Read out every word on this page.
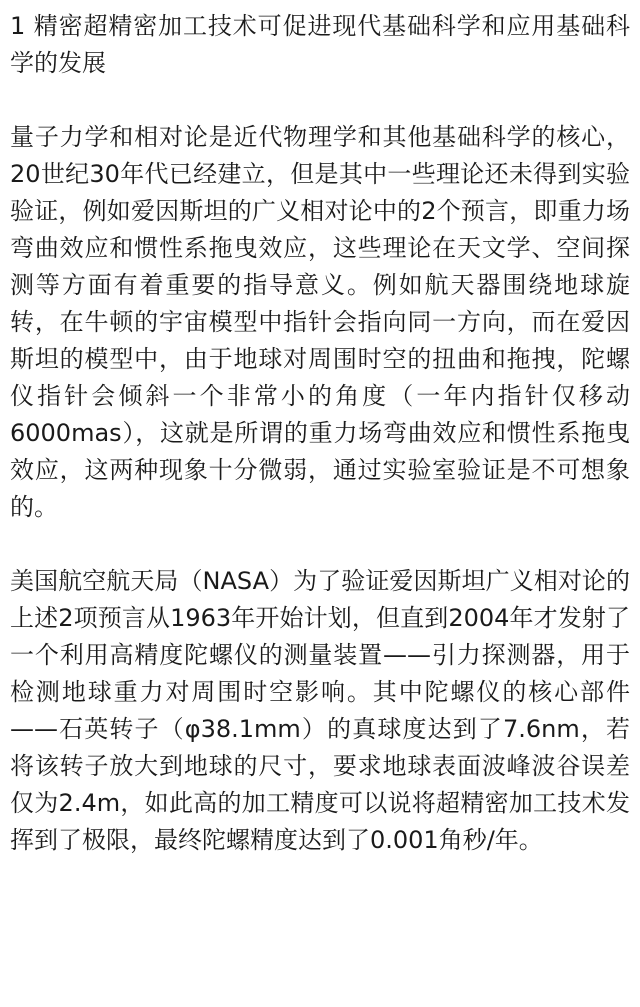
1 精密超精密加工技术可促进现代基础科学和应用基础科学的发展

量子力学和相对论是近代物理学和其他基础科学的核心，20世纪30年代已经建立，但是其中一些理论还未得到实验验证，例如爱因斯坦的广义相对论中的2个预言，即重力场弯曲效应和惯性系拖曳效应，这些理论在天文学、空间探测等方面有着重要的指导意义。例如航天器围绕地球旋转，在牛顿的宇宙模型中指针会指向同一方向，而在爱因斯坦的模型中，由于地球对周围时空的扭曲和拖拽，陀螺仪指针会倾斜一个非常小的角度（一年内指针仅移动6000mas），这就是所谓的重力场弯曲效应和惯性系拖曳效应，这两种现象十分微弱，通过实验室验证是不可想象的。

美国航空航天局（NASA）为了验证爱因斯坦广义相对论的上述2项预言从1963年开始计划，但直到2004年才发射了一个利用高精度陀螺仪的测量装置——引力探测器，用于检测地球重力对周围时空影响。其中陀螺仪的核心部件——石英转子（φ38.1mm）的真球度达到了7.6nm，若将该转子放大到地球的尺寸，要求地球表面波峰波谷误差仅为2.4m，如此高的加工精度可以说将超精密加工技术发挥到了极限，最终陀螺精度达到了0.001角秒/年。
